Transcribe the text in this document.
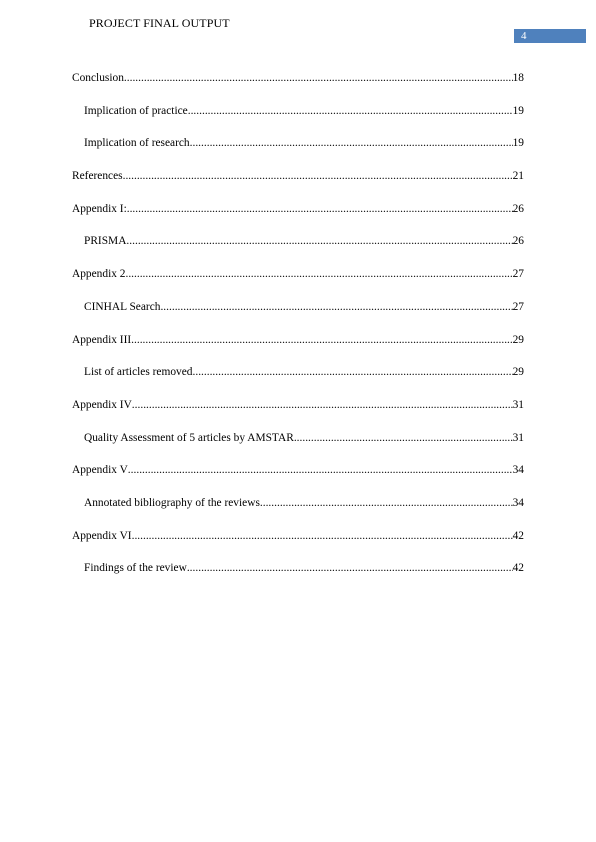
PROJECT FINAL OUTPUT
4
Conclusion .....	18
Implication of practice .....	19
Implication of research .....	19
References .....	21
Appendix I: .....	26
PRISMA .....	26
Appendix 2 .....	27
CINHAL Search .....	27
Appendix III .....	29
List of articles removed .....	29
Appendix IV .....	31
Quality Assessment of 5 articles by AMSTAR .....	31
Appendix V .....	34
Annotated bibliography of the reviews .....	34
Appendix VI .....	42
Findings of the review .....	42
